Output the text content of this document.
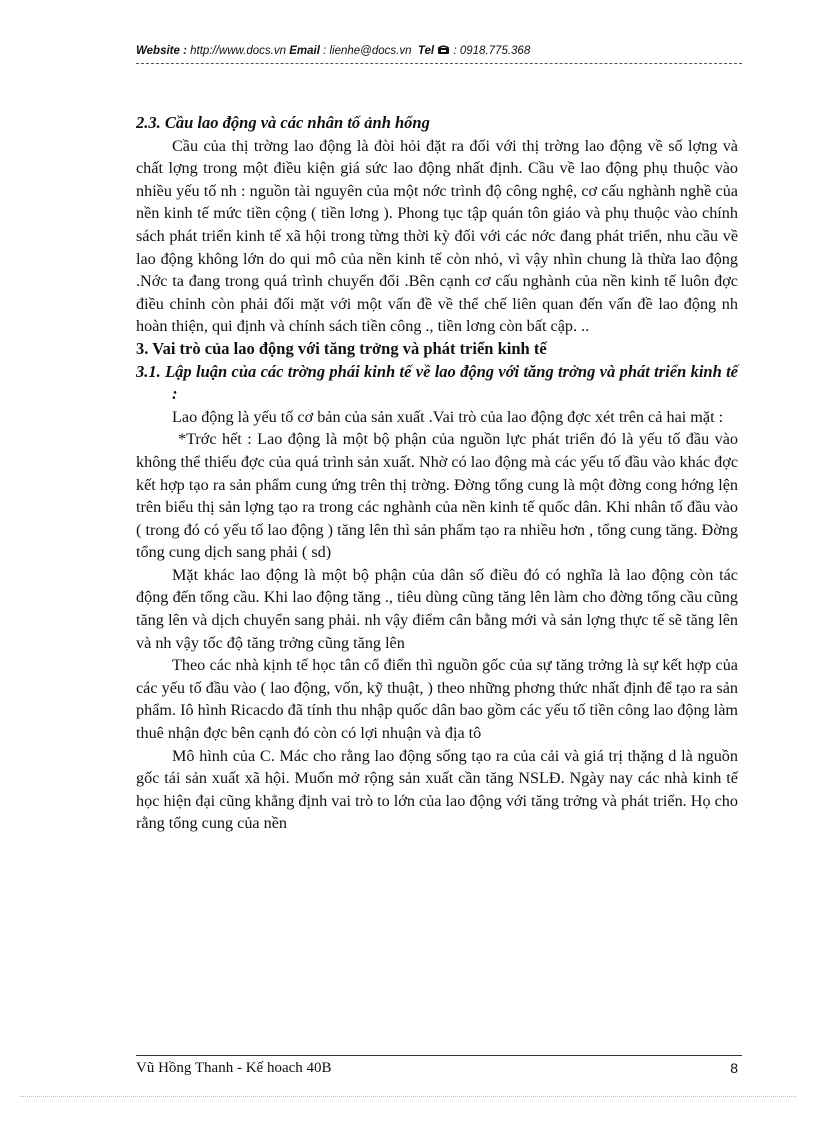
Website : http://www.docs.vn Email : lienhe@docs.vn Tel : 0918.775.368

2.3. Cầu lao động và các nhân tố ảnh hổng

Cầu của thị trờng lao động là đòi hỏi đặt ra đối với thị trờng lao động về số lợng và chất lợng trong một điều kiện giá sức lao động nhất định. Cầu về lao động phụ thuộc vào nhiều yếu tố nh : nguồn tài nguyên của một nớc trình độ công nghệ, cơ cấu nghành nghề của nền kinh tế mức tiền cộng ( tiền lơng ). Phong tục tập quán tôn giáo và phụ thuộc vào chính sách phát triển kinh tế xã hội trong từng thời kỳ đối với các nớc đang phát triển, nhu cầu về lao động không lớn do qui mô của nền kinh tế còn nhỏ, vì vậy nhìn chung là thừa lao động .Nớc ta đang trong quá trình chuyển đổi .Bên cạnh cơ cấu nghành của nền kinh tế luôn đợc điều chỉnh còn phải đối mặt với một vấn đề về thể chế liên quan đến vấn đề lao động nh hoàn thiện, qui định và chính sách tiền công ., tiền lơng còn bất cập. ..

3. Vai trò của lao động với tăng trởng và phát triển kinh tế

3.1. Lập luận của các trờng phái kinh tế về lao động với tăng trởng và phát triển kinh tế :

Lao động là yếu tố cơ bản của sản xuất .Vai trò của lao động đợc xét trên cả hai mặt :

*Trớc hết : Lao động là một bộ phận của nguồn lực phát triển đó là yếu tố đầu vào không thể thiếu đợc của quá trình sản xuất. Nhờ có lao động mà các yếu tố đầu vào khác đợc kết hợp tạo ra sản phẩm cung ứng trên thị trờng. Đờng tổng cung là một đờng cong hớng lện trên biểu thị sản lợng tạo ra trong các nghành của nền kinh tế quốc dân. Khi nhân tố đầu vào ( trong đó có yếu tố lao động ) tăng lên thì sản phẩm tạo ra nhiều hơn , tổng cung tăng. Đờng tổng cung dịch sang phải ( sd)

Mặt khác lao động là một bộ phận của dân số điều đó có nghĩa là lao động còn tác động đến tổng cầu. Khi lao động tăng ., tiêu dùng cũng tăng lên làm cho đờng tổng cầu cũng tăng lên và dịch chuyển sang phải. nh vậy điểm cân bằng mới và sản lợng thực tế sẽ tăng lên và nh vậy tốc độ tăng trởng cũng tăng lên

Theo các nhà kịnh tế học tân cổ điển thì nguồn gốc của sự tăng trởng là sự kết hợp của các yếu tố đầu vào ( lao động, vốn, kỹ thuật, ) theo những phơng thức nhất định để tạo ra sản phẩm. Iô hình Ricacdo đã tính thu nhập quốc dân bao gồm các yếu tố tiền công lao động làm thuê nhận đợc bên cạnh đó còn có lợi nhuận và địa tô

Mô hình của C. Mác cho rằng lao động sống tạo ra của cải và giá trị thặng d là nguồn gốc tái sản xuất xã hội. Muốn mở rộng sản xuất cần tăng NSLĐ. Ngày nay các nhà kinh tế học hiện đại cũng khẳng định vai trò to lớn của lao động với tăng trởng và phát triển. Họ cho rằng tổng cung của nền

Vũ Hồng Thanh - Kế hoach 40B	8
